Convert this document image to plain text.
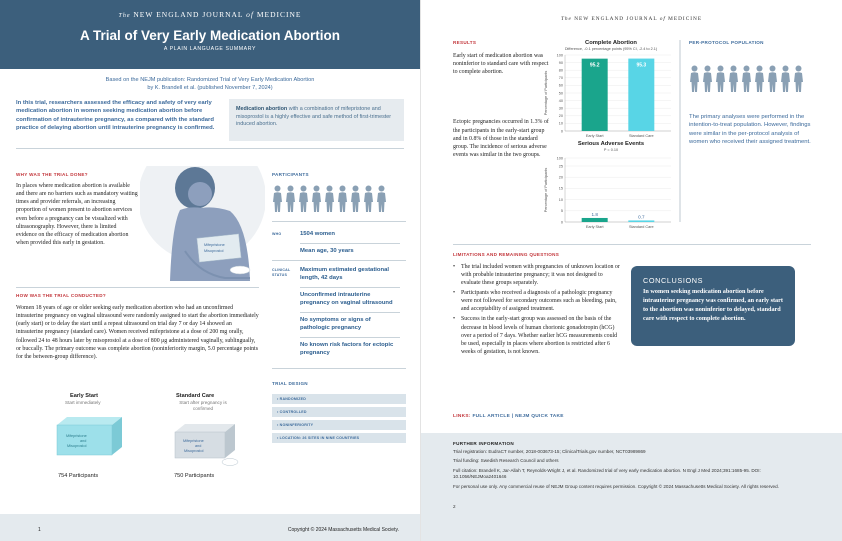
The NEW ENGLAND JOURNAL of MEDICINE
A Trial of Very Early Medication Abortion
A PLAIN LANGUAGE SUMMARY
Based on the NEJM publication: Randomized Trial of Very Early Medication Abortion
by K. Brandell et al. (published November 7, 2024)
In this trial, researchers assessed the efficacy and safety of very early medication abortion in women seeking medication abortion before confirmation of intrauterine pregnancy, as compared with the standard practice of delaying abortion until intrauterine pregnancy is confirmed.
Medication abortion with a combination of mifepristone and misoprostol is a highly effective and safe method of first-trimester induced abortion.
WHY WAS THE TRIAL DONE?
In places where medication abortion is available and there are no barriers such as mandatory waiting times and provider referrals, an increasing proportion of women present to abortion services even before a pregnancy can be visualized with ultrasonography. However, there is limited evidence on the efficacy of medication abortion when provided this early in gestation.	Mifepristone
Misoprostol
HOW WAS THE TRIAL CONDUCTED?
Women 18 years of age or older seeking early medication abortion who had an unconfirmed intrauterine pregnancy on vaginal ultrasound were randomly assigned to start the abortion immediately (early start) or to delay the start until a repeat ultrasound on trial day 7 or day 14 showed an intrauterine pregnancy (standard care). Women received mifepristone at a dose of 200 mg orally, followed 24 to 48 hours later by misoprostol at a dose of 800 μg administered vaginally, sublingually, or buccally. The primary outcome was complete abortion (noninferiority margin, 5.0 percentage points for the between-group difference).
Early Start
Start immediately
Mifepristone
and
Misoprostol
754 Participants
Standard Care
Start after pregnancy is confirmed
Mifepristone
and
Misoprostol
750 Participants
PARTICIPANTS
WHO	1504 women
Mean age, 30 years
CLINICAL
STATUS
Maximum estimated gestational length, 42 days
Unconfirmed intrauterine pregnancy on vaginal ultrasound
No symptoms or signs of pathologic pregnancy
No known risk factors for ectopic pregnancy
TRIAL DESIGN
• RANDOMIZED
• CONTROLLED
• NONINFERIORITY
• LOCATION: 26 SITES IN NINE COUNTRIES
1	Copyright © 2024 Massachusetts Medical Society.
The NEW ENGLAND JOURNAL of MEDICINE
RESULTS
Early start of medication abortion was noninferior to standard care with respect to complete abortion.
Ectopic pregnancies occurred in 1.3% of the participants in the early-start group and in 0.8% of those in the standard group. The incidence of serious adverse events was similar in the two groups.
Complete Abortion
Difference, -0.1 percentage points (95% CI, -2.4 to 2.1)
0
10
20
30
40
50
60
70
80
90
100
Percentage of Participants
95.2
Early Start
95.3
Standard Care
Serious Adverse Events
P = 0.10
0
5
10
15
20
25
100
Percentage of Participants
1.8
Early Start
0.7
Standard Care
PER-PROTOCOL POPULATION
The primary analyses were performed in the intention-to-treat population. However, findings were similar in the per-protocol analysis of women who received their assigned treatment.
LIMITATIONS AND REMAINING QUESTIONS
• The trial included women with pregnancies of unknown location or with probable intrauterine pregnancy; it was not designed to evaluate these groups separately.
• Participants who received a diagnosis of a pathologic pregnancy were not followed for secondary outcomes such as bleeding, pain, and acceptability of assigned treatment.
• Success in the early-start group was assessed on the basis of the decrease in blood levels of human chorionic gonadotropin (hCG) over a period of 7 days. Whether earlier hCG measurements could be used, especially in places where abortion is restricted after 6 weeks of gestation, is not known.
CONCLUSIONS
In women seeking medication abortion before intrauterine pregnancy was confirmed, an early start to the abortion was noninferior to delayed, standard care with respect to complete abortion.
LINKS: FULL ARTICLE | NEJM QUICK TAKE
FURTHER INFORMATION

Trial registration: EudraCT number, 2018-003673-15; ClinicalTrials.gov number, NCT03989869

Trial funding: Swedish Research Council and others

Full citation: Brandell K, Jar-Allah T, Reynolds-Wright J, et al. Randomized trial of very early medication abortion. N Engl J Med 2024;391:1685-95. DOI: 10.1056/NEJMoa2401646

For personal use only. Any commercial reuse of NEJM Group content requires permission. Copyright © 2024 Massachusetts Medical Society. All rights reserved.

2
